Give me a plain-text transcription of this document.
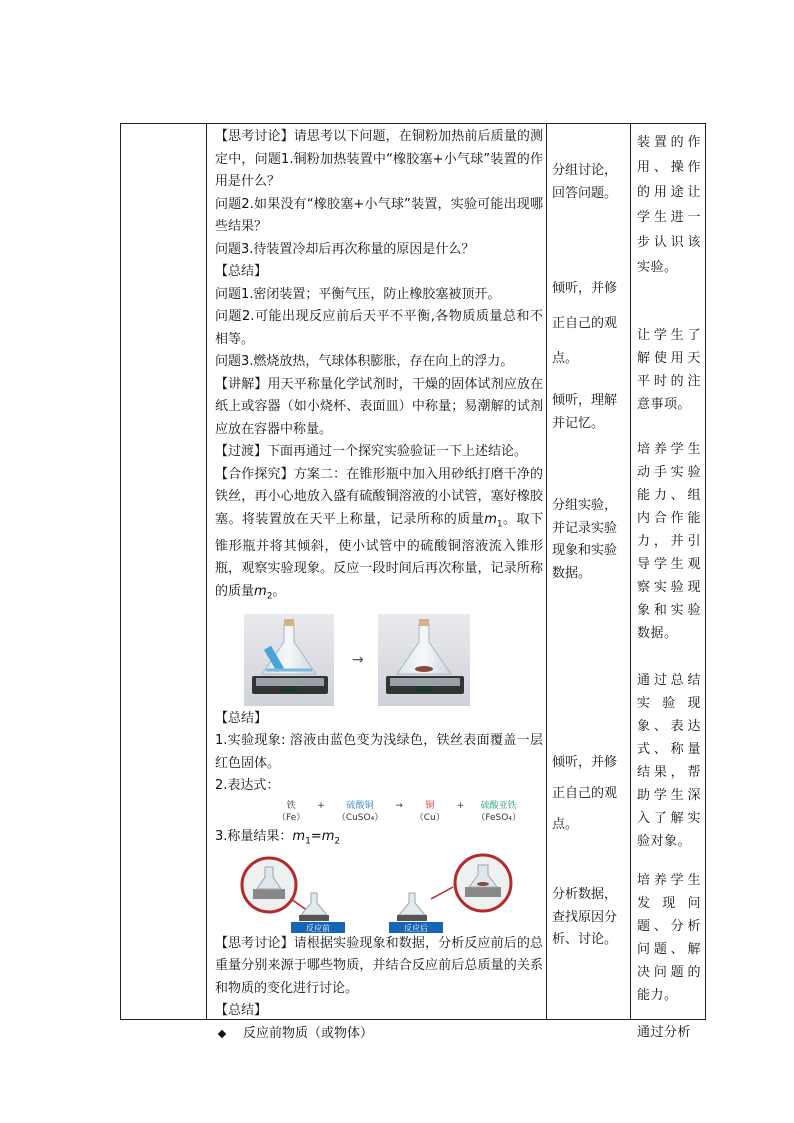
【思考讨论】请思考以下问题，在铜粉加热前后质量的测定中，问题1.铜粉加热装置中“橡胶塞+小气球”装置的作用是什么？

问题2.如果没有“橡胶塞+小气球”装置，实验可能出现哪些结果？

问题3.待装置冷却后再次称量的原因是什么？

【总结】

问题1.密闭装置；平衡气压，防止橡胶塞被顶开。

问题2.可能出现反应前后天平不平衡,各物质质量总和不相等。

问题3.燃烧放热，气球体积膨胀，存在向上的浮力。

【讲解】用天平称量化学试剂时，干燥的固体试剂应放在纸上或容器（如小烧杯、表面皿）中称量；易潮解的试剂应放在容器中称量。

【过渡】下面再通过一个探究实验验证一下上述结论。

【合作探究】方案二：在锥形瓶中加入用砂纸打磨干净的铁丝，再小心地放入盛有硫酸铜溶液的小试管，塞好橡胶塞。将装置放在天平上称量，记录所称的质量$m_1$。取下锥形瓶并将其倾斜，使小试管中的硫酸铜溶液流入锥形瓶，观察实验现象。反应一段时间后再次称量，记录所称的质量$m_2$。

→

【总结】

1.实验现象: 溶液由蓝色变为浅绿色，铁丝表面覆盖一层红色固体。

2.表达式：

铁
（Fe）
+ 硫酸铜
（CuSO₄）
→ 铜
（Cu）
+ 硫酸亚铁
（FeSO₄）

3.称量结果：$m_1=m_2$

反应前	反应后

【思考讨论】请根据实验现象和数据，分析反应前后的总重量分别来源于哪些物质，并结合反应前后总质量的关系和物质的变化进行讨论。

【总结】

反应前物质（或物体）

分组讨论，回答问题。

倾听，并修正自己的观点。

倾听，理解并记忆。

分组实验，并记录实验现象和实验数据。

倾听，并修正自己的观点。

分析数据，查找原因分析、讨论。

装置的作用、操作的用途让学生进一步认识该实验。

让学生了解使用天平时的注意事项。

培养学生动手实验能力、组内合作能力，并引导学生观察实验现象和实验数据。

通过总结实验现象、表达式、称量结果，帮助学生深入了解实验对象。

培养学生发现问题、分析问题、解决问题的能力。

通过分析
